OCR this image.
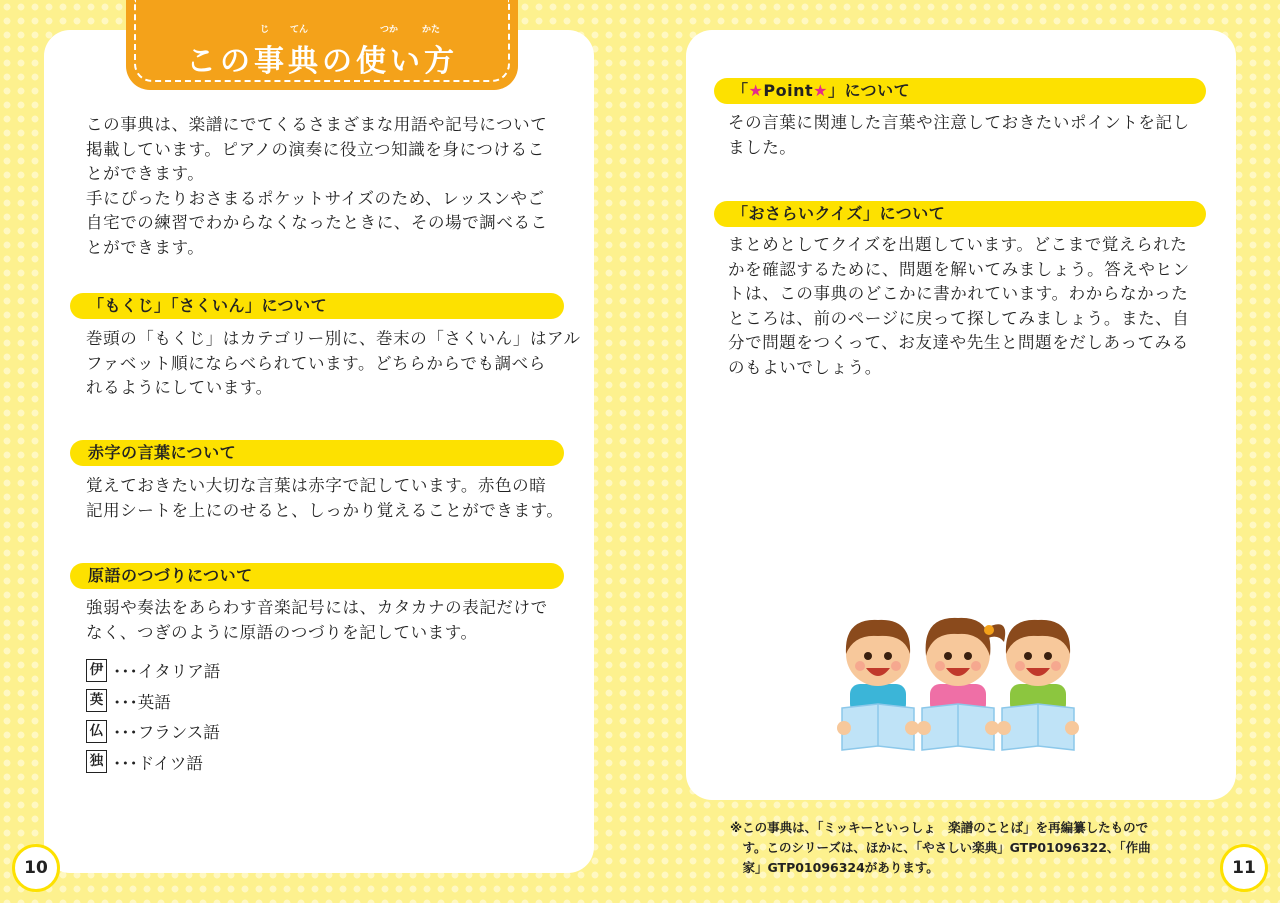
じ てん	つか	かた
この事典の使い方

この事典は、楽譜にでてくるさまざまな用語や記号について
掲載しています。ピアノの演奏に役立つ知識を身につけるこ
とができます。
手にぴったりおさまるポケットサイズのため、レッスンやご
自宅での練習でわからなくなったときに、その場で調べるこ
とができます。

「もくじ」「さくいん」について

巻頭の「もくじ」はカテゴリー別に、巻末の「さくいん」はアル
ファベット順にならべられています。どちらからでも調べら
れるようにしています。

赤字の言葉について

覚えておきたい大切な言葉は赤字で記しています。赤色の暗
記用シートを上にのせると、しっかり覚えることができます。

原語のつづりについて

強弱や奏法をあらわす音楽記号には、カタカナの表記だけで
なく、つぎのように原語のつづりを記しています。

伊 ･･･イタリア語
英 ･･･英語
仏 ･･･フランス語
独 ･･･ドイツ語
10
「★Point★」について

その言葉に関連した言葉や注意しておきたいポイントを記し
ました。

「おさらいクイズ」について

まとめとしてクイズを出題しています。どこまで覚えられた
かを確認するために、問題を解いてみましょう。答えやヒン
トは、この事典のどこかに書かれています。わからなかった
ところは、前のページに戻って探してみましょう。また、自
分で問題をつくって、お友達や先生と問題をだしあってみる
のもよいでしょう。

※この事典は、「ミッキーといっしょ　楽譜のことば」を再編纂したもので
　す。このシリーズは、ほかに、「やさしい楽典」GTP01096322、「作曲
　家」GTP01096324があります。	11
